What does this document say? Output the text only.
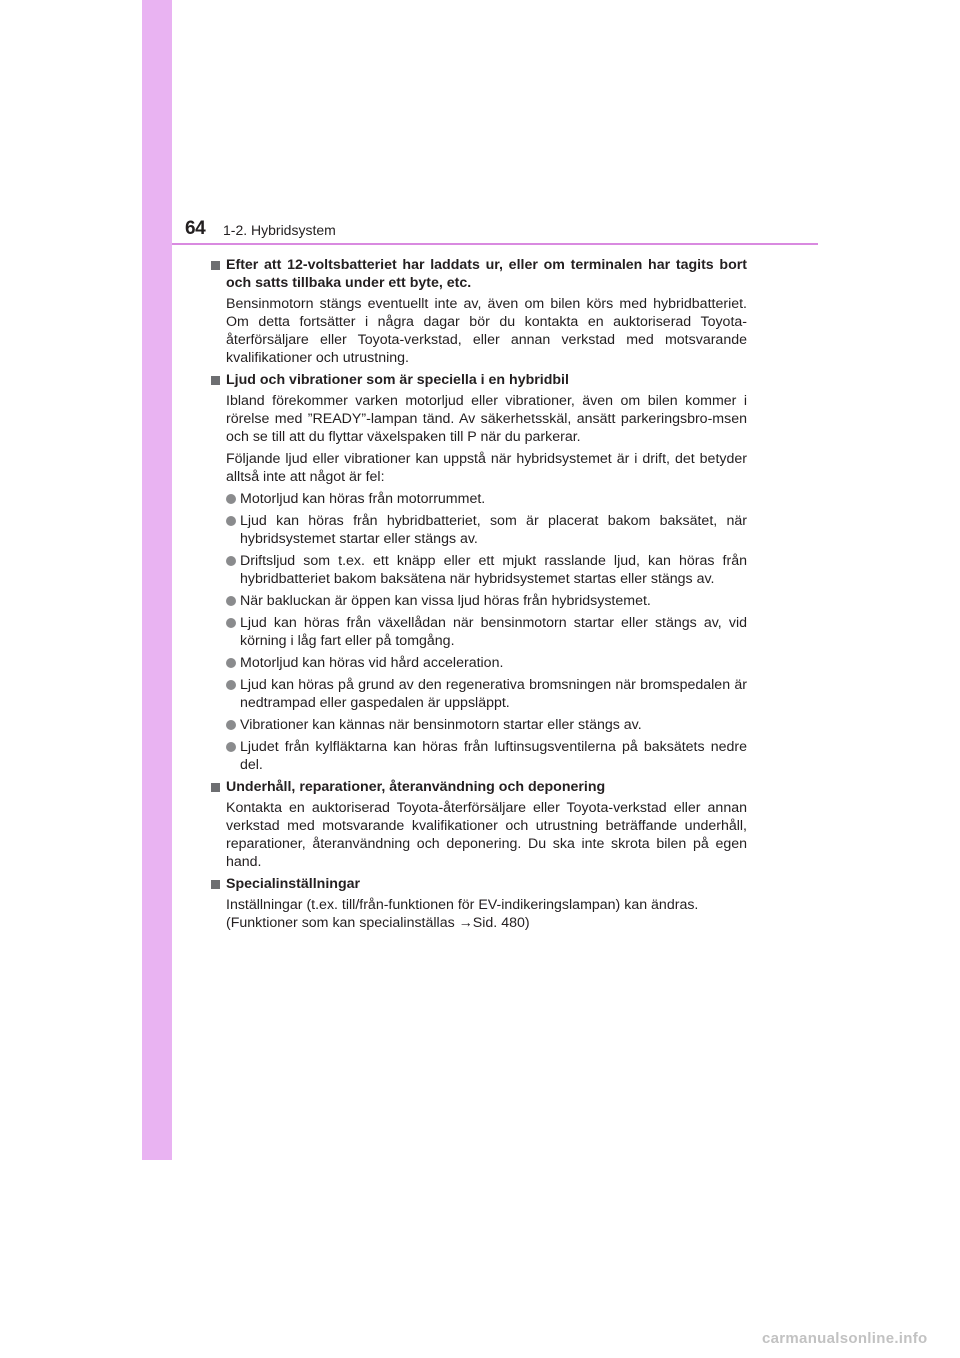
64 1-2. Hybridsystem
Efter att 12-voltsbatteriet har laddats ur, eller om terminalen har tagits bort och satts tillbaka under ett byte, etc.
Bensinmotorn stängs eventuellt inte av, även om bilen körs med hybridbatteriet. Om detta fortsätter i några dagar bör du kontakta en auktoriserad Toyota-återförsäljare eller Toyota-verkstad, eller annan verkstad med motsvarande kvalifikationer och utrustning.
Ljud och vibrationer som är speciella i en hybridbil
Ibland förekommer varken motorljud eller vibrationer, även om bilen kommer i rörelse med ”READY”-lampan tänd. Av säkerhetsskäl, ansätt parkeringsbro-msen och se till att du flyttar växelspaken till P när du parkerar.
Följande ljud eller vibrationer kan uppstå när hybridsystemet är i drift, det betyder alltså inte att något är fel:
Motorljud kan höras från motorrummet.
Ljud kan höras från hybridbatteriet, som är placerat bakom baksätet, när hybridsystemet startar eller stängs av.
Driftsljud som t.ex. ett knäpp eller ett mjukt rasslande ljud, kan höras från hybridbatteriet bakom baksätena när hybridsystemet startas eller stängs av.
När bakluckan är öppen kan vissa ljud höras från hybridsystemet.
Ljud kan höras från växellådan när bensinmotorn startar eller stängs av, vid körning i låg fart eller på tomgång.
Motorljud kan höras vid hård acceleration.
Ljud kan höras på grund av den regenerativa bromsningen när bromspedalen är nedtrampad eller gaspedalen är uppsläppt.
Vibrationer kan kännas när bensinmotorn startar eller stängs av.
Ljudet från kylfläktarna kan höras från luftinsugsventilerna på baksätets nedre del.
Underhåll, reparationer, återanvändning och deponering
Kontakta en auktoriserad Toyota-återförsäljare eller Toyota-verkstad eller annan verkstad med motsvarande kvalifikationer och utrustning beträffande underhåll, reparationer, återanvändning och deponering. Du ska inte skrota bilen på egen hand.
Specialinställningar
Inställningar (t.ex. till/från-funktionen för EV-indikeringslampan) kan ändras.
(Funktioner som kan specialinställas →Sid. 480)
carmanualsonline.info
